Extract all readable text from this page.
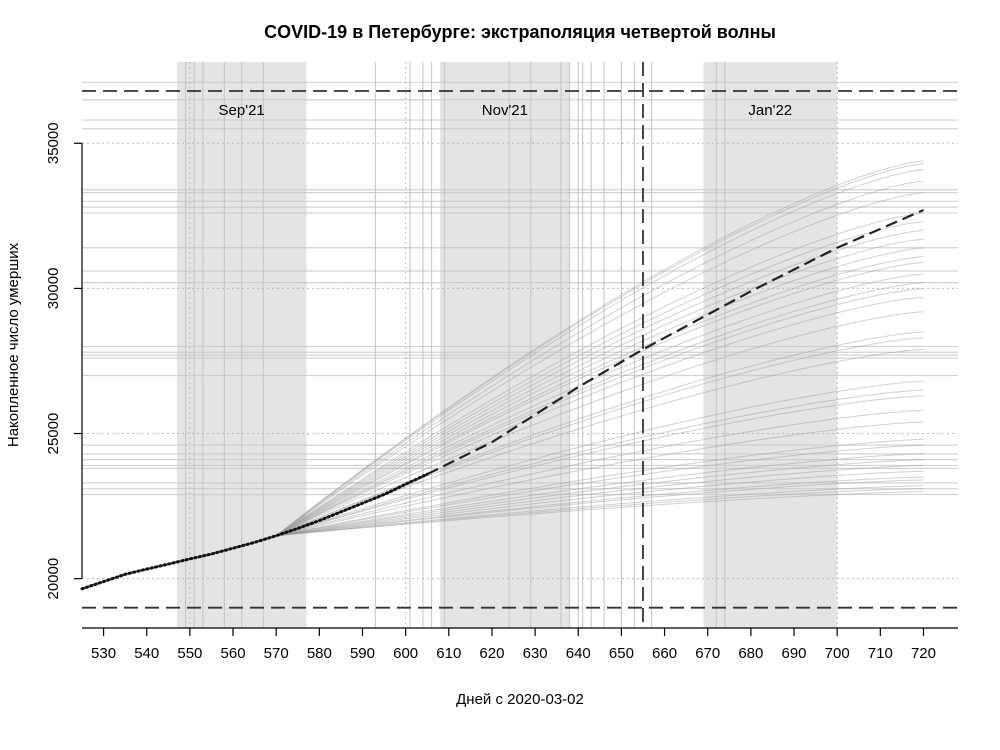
530 540 550 560 570 580 590 600 610 620 630 640 650 660 670 680 690 700 710 720
20000
25000
30000
35000
Sep'21	Nov'21	Jan'22
COVID-19 в Петербурге: экстраполяция четвертой волны
Дней с 2020-03-02
Накопленное число умерших
